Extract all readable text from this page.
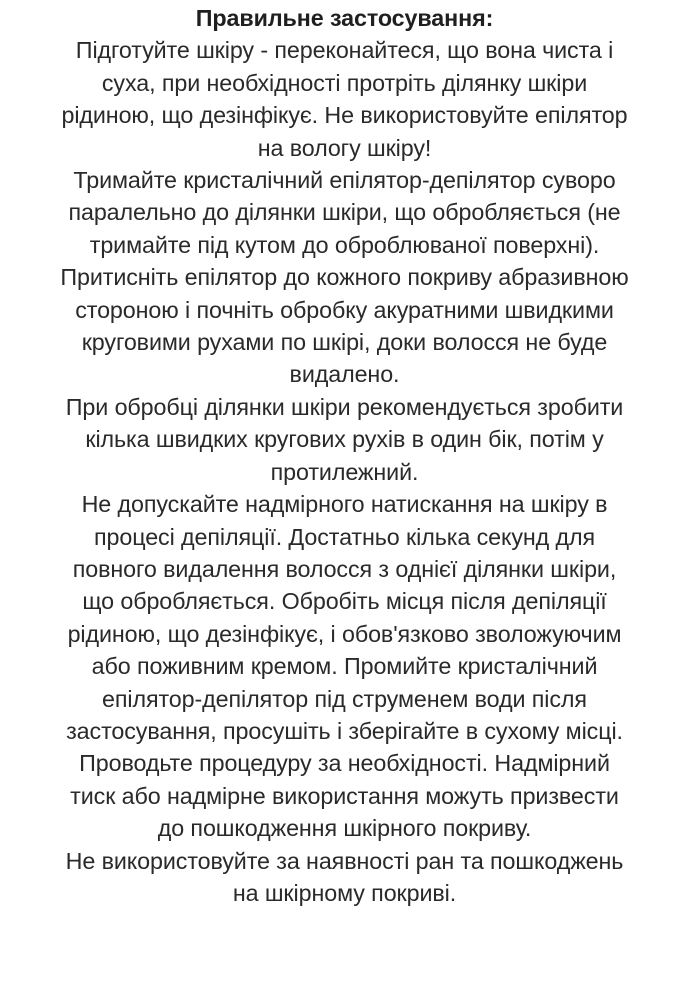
Правильне застосування:
Підготуйте шкіру - переконайтеся, що вона чиста і
суха, при необхідності протріть ділянку шкіри
рідиною, що дезінфікує. Не використовуйте епілятор
на вологу шкіру!
Тримайте кристалічний епілятор-депілятор суворо
паралельно до ділянки шкіри, що обробляється (не
тримайте під кутом до оброблюваної поверхні).
Притисніть епілятор до кожного покриву абразивною
стороною і почніть обробку акуратними швидкими
круговими рухами по шкірі, доки волосся не буде
видалено.
При обробці ділянки шкіри рекомендується зробити
кілька швидких кругових рухів в один бік, потім у
протилежний.
Не допускайте надмірного натискання на шкіру в
процесі депіляції. Достатньо кілька секунд для
повного видалення волосся з однієї ділянки шкіри,
що обробляється. Обробіть місця після депіляції
рідиною, що дезінфікує, і обов'язково зволожуючим
або поживним кремом. Промийте кристалічний
епілятор-депілятор під струменем води після
застосування, просушіть і зберігайте в сухому місці.
Проводьте процедуру за необхідності. Надмірний
тиск або надмірне використання можуть призвести
до пошкодження шкірного покриву.
Не використовуйте за наявності ран та пошкоджень
на шкірному покриві.
